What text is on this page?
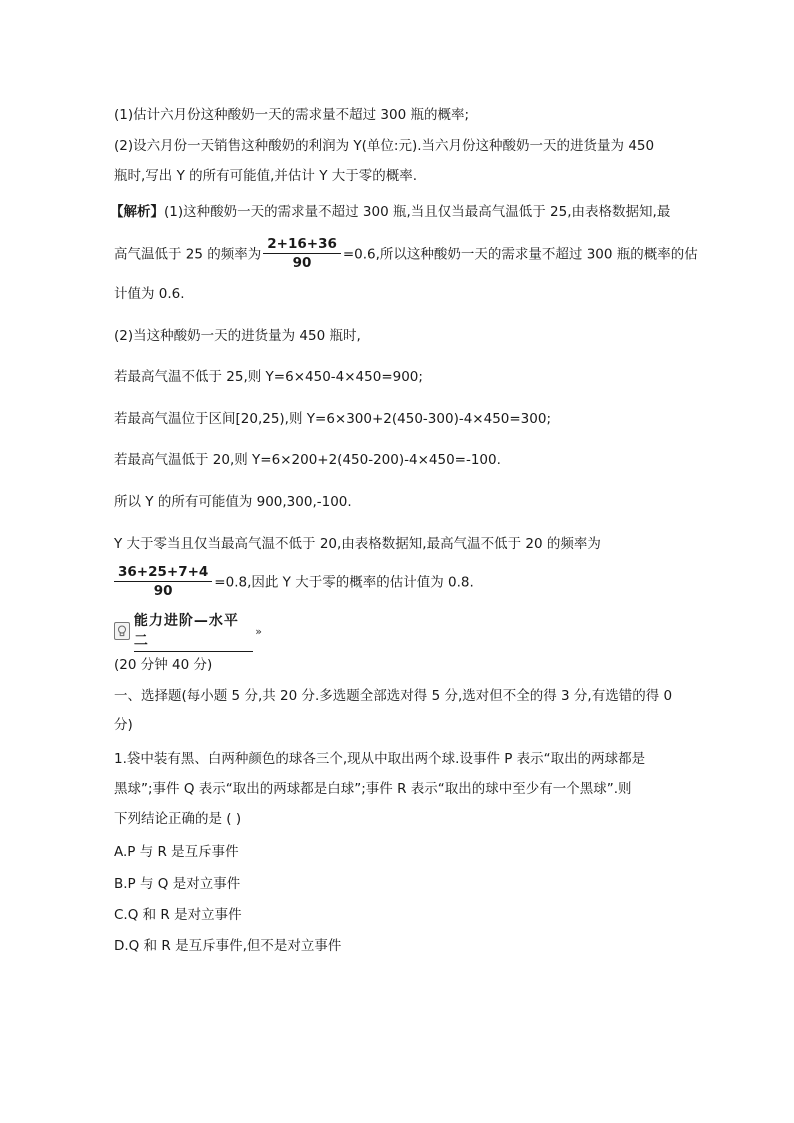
(1)估计六月份这种酸奶一天的需求量不超过 300 瓶的概率;
(2)设六月份一天销售这种酸奶的利润为 Y(单位:元).当六月份这种酸奶一天的进货量为 450
瓶时,写出 Y 的所有可能值,并估计 Y 大于零的概率.
【解析】(1)这种酸奶一天的需求量不超过 300 瓶,当且仅当最高气温低于 25,由表格数据知,最
高气温低于 25 的频率为 $\frac{2+16+36}{90} =0.6$,所以这种酸奶一天的需求量不超过 300 瓶的概率的估
计值为 0.6.
(2)当这种酸奶一天的进货量为 450 瓶时,
若最高气温不低于 25,则 Y=6×450-4×450=900;
若最高气温位于区间[20,25),则 Y=6×300+2(450-300)-4×450=300;
若最高气温低于 20,则 Y=6×200+2(450-200)-4×450=-100.
所以 Y 的所有可能值为 900,300,-100.
Y 大于零当且仅当最高气温不低于 20,由表格数据知,最高气温不低于 20 的频率为
$\frac{36+25+7+4}{90} =0.8$,因此 Y 大于零的概率的估计值为 0.8.
能力进阶—水平二
»
(20 分钟 40 分)
一、选择题(每小题 5 分,共 20 分.多选题全部选对得 5 分,选对但不全的得 3 分,有选错的得 0
分)
1.袋中装有黑、白两种颜色的球各三个,现从中取出两个球.设事件 P 表示“取出的两球都是
黑球”;事件 Q 表示“取出的两球都是白球”;事件 R 表示“取出的球中至少有一个黑球”.则
下列结论正确的是 ( )
A.P 与 R 是互斥事件
B.P 与 Q 是对立事件
C.Q 和 R 是对立事件
D.Q 和 R 是互斥事件,但不是对立事件
